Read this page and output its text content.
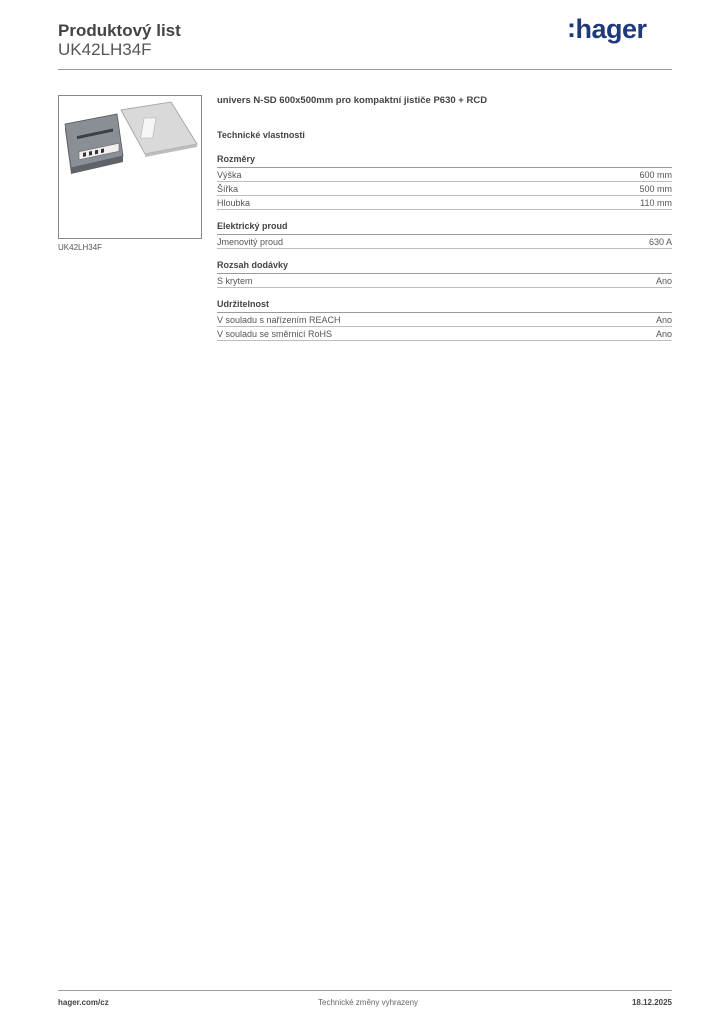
Produktový list
UK42LH34F
:hager
UK42LH34F
univers N-SD 600x500mm pro kompaktní jističe P630 + RCD
Technické vlastnosti
Rozměry
Výška	600 mm
Šířka	500 mm
Hloubka	110 mm
Elektrický proud
Jmenovitý proud	630 A
Rozsah dodávky
S krytem	Ano
Udržitelnost
V souladu s nařízením REACH	Ano
V souladu se směrnicí RoHS	Ano
hager.com/cz	Technické změny vyhrazeny	18.12.2025
